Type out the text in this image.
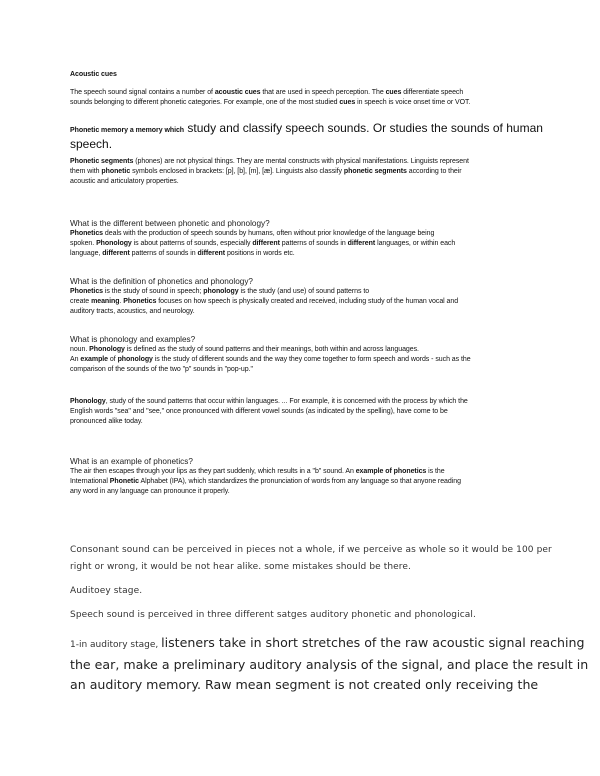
Acoustic cues
The speech sound signal contains a number of acoustic cues that are used in speech perception. The cues differentiate speech
sounds belonging to different phonetic categories. For example, one of the most studied cues in speech is voice onset time or VOT.
Phonetic memory a memory which study and classify speech sounds. Or studies the sounds of human
speech.
Phonetic segments (phones) are not physical things. They are mental constructs with physical manifestations. Linguists represent
them with phonetic symbols enclosed in brackets: [p], [b], [m], [æ]. Linguists also classify phonetic segments according to their
acoustic and articulatory properties.
What is the different between phonetic and phonology?
Phonetics deals with the production of speech sounds by humans, often without prior knowledge of the language being
spoken. Phonology is about patterns of sounds, especially different patterns of sounds in different languages, or within each
language, different patterns of sounds in different positions in words etc.
What is the definition of phonetics and phonology?
Phonetics is the study of sound in speech; phonology is the study (and use) of sound patterns to
create meaning. Phonetics focuses on how speech is physically created and received, including study of the human vocal and
auditory tracts, acoustics, and neurology.
What is phonology and examples?
noun. Phonology is defined as the study of sound patterns and their meanings, both within and across languages.
An example of phonology is the study of different sounds and the way they come together to form speech and words - such as the
comparison of the sounds of the two "p" sounds in "pop-up."
Phonology, study of the sound patterns that occur within languages. ... For example, it is concerned with the process by which the
English words "sea" and "see," once pronounced with different vowel sounds (as indicated by the spelling), have come to be
pronounced alike today.
What is an example of phonetics?
The air then escapes through your lips as they part suddenly, which results in a "b" sound. An example of phonetics is the
International Phonetic Alphabet (IPA), which standardizes the pronunciation of words from any language so that anyone reading
any word in any language can pronounce it properly.
Consonant sound can be perceived in pieces not a whole, if we perceive as whole so it would be 100 per
right or wrong, it would be not hear alike. some mistakes should be there.
Auditoey stage.
Speech sound is perceived in three different satges auditory phonetic and phonological.
1-in auditory stage, listeners take in short stretches of the raw acoustic signal reaching
the ear, make a preliminary auditory analysis of the signal, and place the result in
an auditory memory. Raw mean segment is not created only receiving the
